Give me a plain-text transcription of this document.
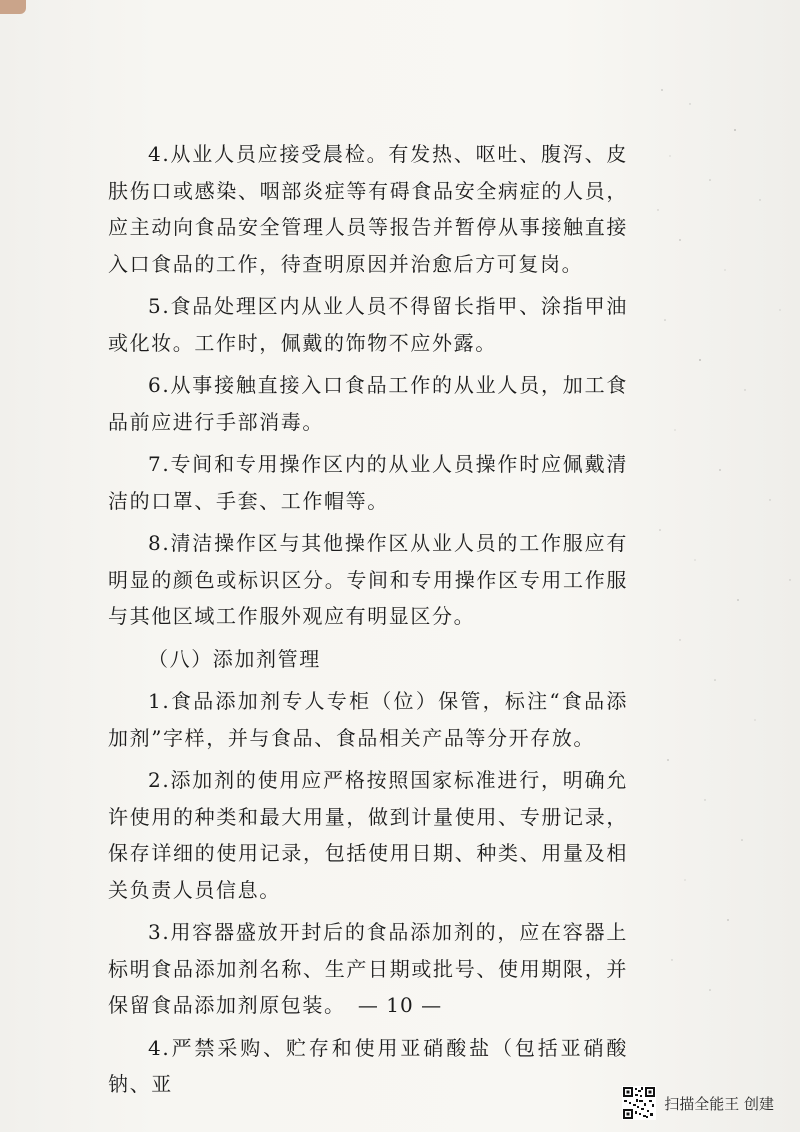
4.从业人员应接受晨检。有发热、呕吐、腹泻、皮肤伤口或感染、咽部炎症等有碍食品安全病症的人员，应主动向食品安全管理人员等报告并暂停从事接触直接入口食品的工作，待查明原因并治愈后方可复岗。

5.食品处理区内从业人员不得留长指甲、涂指甲油或化妆。工作时，佩戴的饰物不应外露。

6.从事接触直接入口食品工作的从业人员，加工食品前应进行手部消毒。

7.专间和专用操作区内的从业人员操作时应佩戴清洁的口罩、手套、工作帽等。

8.清洁操作区与其他操作区从业人员的工作服应有明显的颜色或标识区分。专间和专用操作区专用工作服与其他区域工作服外观应有明显区分。

（八）添加剂管理

1.食品添加剂专人专柜（位）保管，标注“食品添加剂”字样，并与食品、食品相关产品等分开存放。

2.添加剂的使用应严格按照国家标准进行，明确允许使用的种类和最大用量，做到计量使用、专册记录，保存详细的使用记录，包括使用日期、种类、用量及相关负责人员信息。

3.用容器盛放开封后的食品添加剂的，应在容器上标明食品添加剂名称、生产日期或批号、使用期限，并保留食品添加剂原包装。

4.严禁采购、贮存和使用亚硝酸盐（包括亚硝酸钠、亚

— 10 —
扫描全能王 创建
